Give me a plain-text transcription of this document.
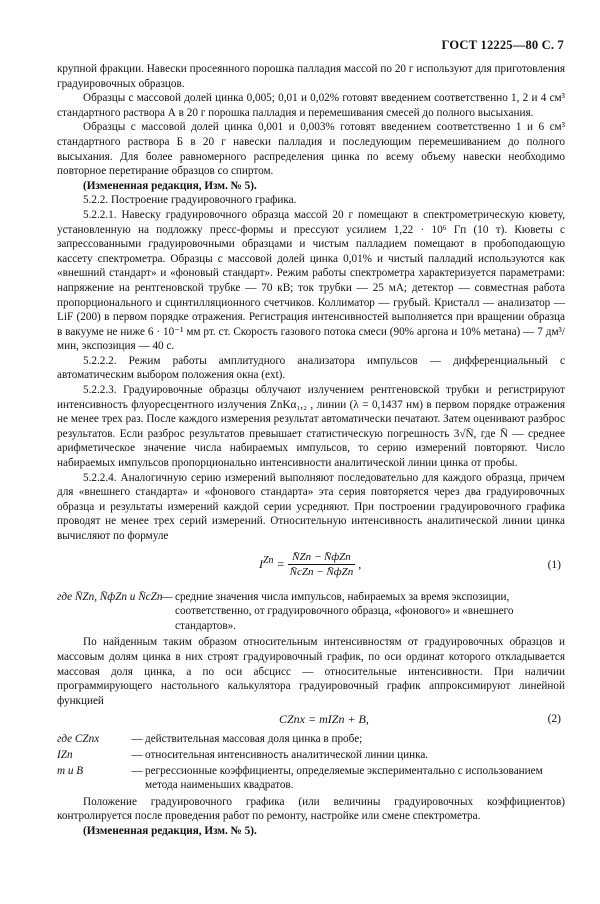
ГОСТ 12225—80 С. 7

крупной фракции. Навески просеянного порошка палладия массой по 20 г используют для приготовления градуировочных образцов.

Образцы с массовой долей цинка 0,005; 0,01 и 0,02% готовят введением соответственно 1, 2 и 4 см³ стандартного раствора А в 20 г порошка палладия и перемешивания смесей до полного высыхания.

Образцы с массовой долей цинка 0,001 и 0,003% готовят введением соответственно 1 и 6 см³ стандартного раствора Б в 20 г навески палладия и последующим перемешиванием до полного высыхания. Для более равномерного распределения цинка по всему объему навески необходимо повторное перетирание образцов со спиртом.

(Измененная редакция, Изм. № 5).

5.2.2. Построение градуировочного графика.

5.2.2.1. Навеску градуировочного образца массой 20 г помещают в спектрометрическую кювету, установленную на подложку пресс-формы и прессуют усилием 1,22 · 10⁶ Гп (10 т). Кюветы с запрессованными градуировочными образцами и чистым палладием помещают в пробоподающую кассету спектрометра. Образцы с массовой долей цинка 0,01% и чистый палладий используются как «внешний стандарт» и «фоновый стандарт». Режим работы спектрометра характеризуется параметрами: напряжение на рентгеновской трубке — 70 кВ; ток трубки — 25 мА; детектор — совместная работа пропорционального и сцинтилляционного счетчиков. Коллиматор — грубый. Кристалл — анализатор — LiF (200) в первом порядке отражения. Регистрация интенсивностей выполняется при вращении образца в вакууме не ниже 6 · 10⁻¹ мм рт. ст. Скорость газового потока смеси (90% аргона и 10% метана) — 7 дм³/мин, экспозиция — 40 с.

5.2.2.2. Режим работы амплитудного анализатора импульсов — дифференциальный с автоматическим выбором положения окна (ext).

5.2.2.3. Градуировочные образцы облучают излучением рентгеновской трубки и регистрируют интенсивность флуоресцентного излучения ZnKα₁,₂ , линии (λ = 0,1437 нм) в первом порядке отражения не менее трех раз. После каждого измерения результат автоматически печатают. Затем оценивают разброс результатов. Если разброс результатов превышает статистическую погрешность 3√N̄, где N̄ — среднее арифметическое значение числа набираемых импульсов, то серию измерений повторяют. Число набираемых импульсов пропорционально интенсивности аналитической линии цинка от пробы.

5.2.2.4. Аналогичную серию измерений выполняют последовательно для каждого образца, причем для «внешнего стандарта» и «фонового стандарта» эта серия повторяется через два градуировочных образца и результаты измерений каждой серии усредняют. При построении градуировочного графика проводят не менее трех серий измерений. Относительную интенсивность аналитической линии цинка вычисляют по формуле

$I^{Zn} = \frac{\text{N̄Zn − N̄фZn}}{\text{N̄cZn − N̄фZn}}$ ,	(1)
где N̄Zn, N̄фZn и N̄cZn
— средние значения числа импульсов, набираемых за время экспозиции, соответственно, от градуировочного образца, «фонового» и «внешнего стандартов».

По найденным таким образом относительным интенсивностям от градуировочных образцов и массовым долям цинка в них строят градуировочный график, по оси ординат которого откладывается массовая доля цинка, а по оси абсцисс — относительные интенсивности. При наличии программирующего настольного калькулятора градуировочный график аппроксимируют линейной функцией

CZnx = mIZn + B,	(2)
где CZnx	— действительная массовая доля цинка в пробе;
IZn	— относительная интенсивность аналитической линии цинка.
m и B	— регрессионные коэффициенты, определяемые экспериментально с использованием метода наименьших квадратов.

Положение градуировочного графика (или величины градуировочных коэффициентов) контролируется после проведения работ по ремонту, настройке или смене спектрометра.

(Измененная редакция, Изм. № 5).
